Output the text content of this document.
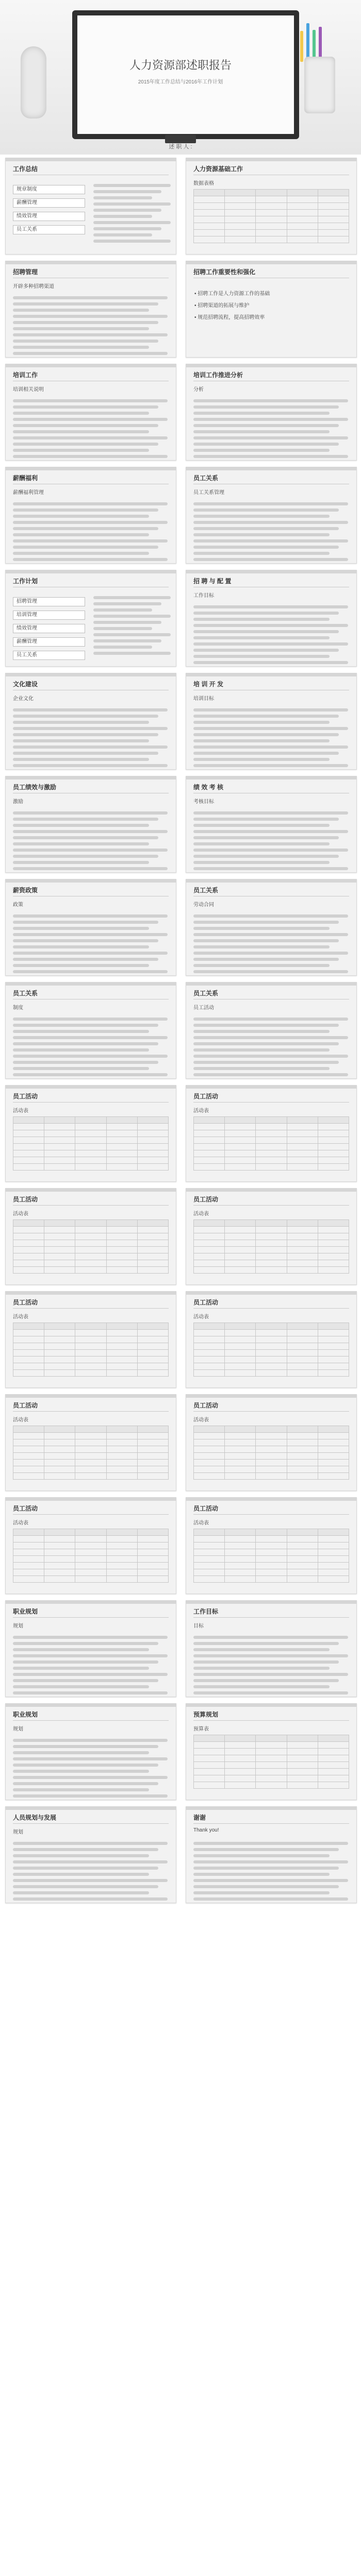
人力资源部述职报告
2015年度工作总结与2016年工作计划
述 职 人 :
工作总结
规章制度
薪酬管理
绩效管理
员工关系
人力资源基础工作
数据表格

招聘管理
开辟多种招聘渠道
招聘工作重要性和强化
• 招聘工作是人力资源工作的基础
• 招聘渠道的拓展与维护
• 规范招聘流程，提高招聘效率
培训工作
培训相关说明
培训工作推进分析
分析
薪酬福利
薪酬福利管理
员工关系
员工关系管理
工作计划
招聘管理
培训管理
绩效管理
薪酬管理
员工关系
招 聘 与 配 置
工作目标
文化建设
企业文化
培 训 开 发
培训目标
员工绩效与激励
激励
绩 效 考 核
考核目标
薪资政策
政策
员工关系
劳动合同
员工关系
制度
员工关系
员工活动
员工活动
活动表

员工活动
活动表

员工活动
活动表

员工活动
活动表

员工活动
活动表

员工活动
活动表

员工活动
活动表

员工活动
活动表

员工活动
活动表

员工活动
活动表

职业规划
规划
工作目标
目标
职业规划
规划
预算规划
预算表

人员规划与发展
规划
谢谢
Thank you!
